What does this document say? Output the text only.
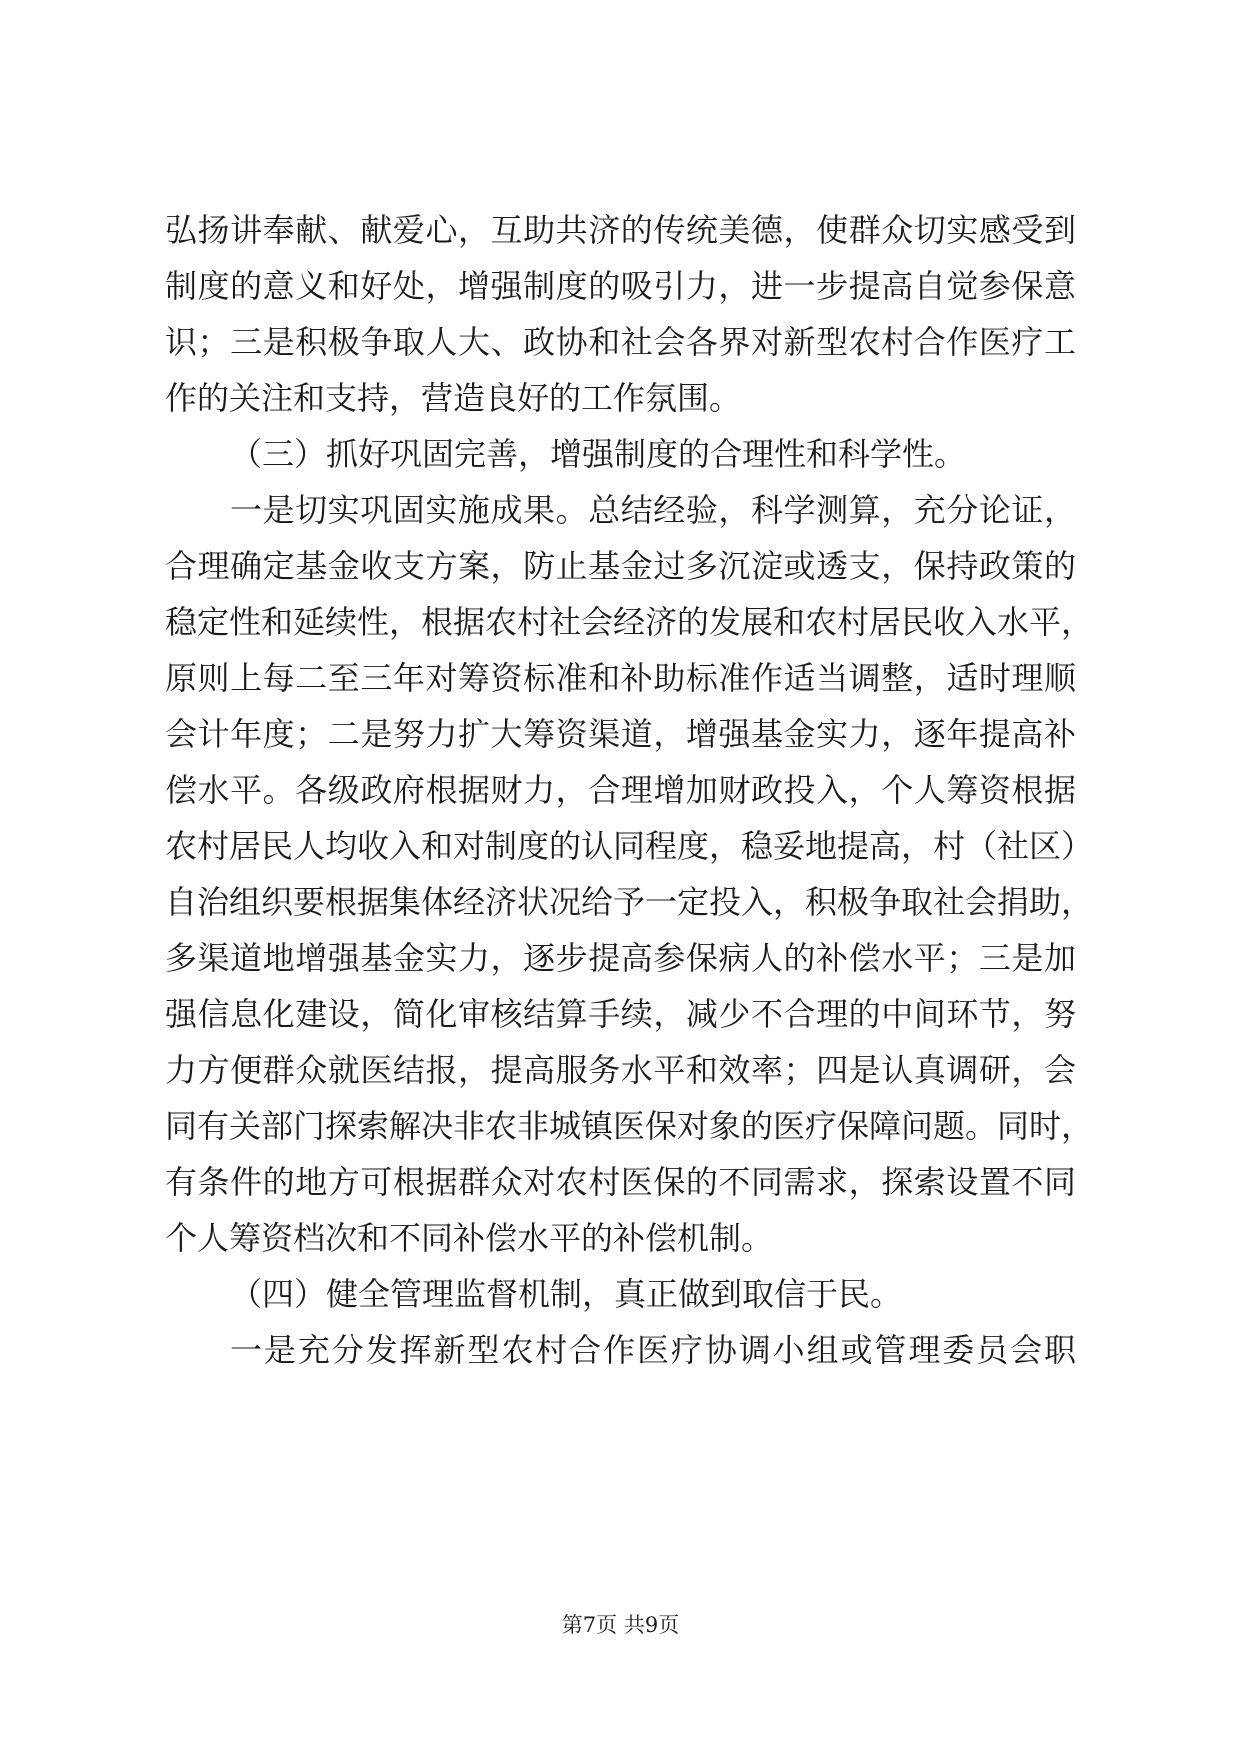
弘扬讲奉献、献爱心，互助共济的传统美德，使群众切实感受到
制度的意义和好处，增强制度的吸引力，进一步提高自觉参保意
识；三是积极争取人大、政协和社会各界对新型农村合作医疗工
作的关注和支持，营造良好的工作氛围。
（三）抓好巩固完善，增强制度的合理性和科学性。
一是切实巩固实施成果。总结经验，科学测算，充分论证，
合理确定基金收支方案，防止基金过多沉淀或透支，保持政策的
稳定性和延续性，根据农村社会经济的发展和农村居民收入水平，
原则上每二至三年对筹资标准和补助标准作适当调整，适时理顺
会计年度；二是努力扩大筹资渠道，增强基金实力，逐年提高补
偿水平。各级政府根据财力，合理增加财政投入，个人筹资根据
农村居民人均收入和对制度的认同程度，稳妥地提高，村（社区）
自治组织要根据集体经济状况给予一定投入，积极争取社会捐助，
多渠道地增强基金实力，逐步提高参保病人的补偿水平；三是加
强信息化建设，简化审核结算手续，减少不合理的中间环节，努
力方便群众就医结报，提高服务水平和效率；四是认真调研，会
同有关部门探索解决非农非城镇医保对象的医疗保障问题。同时，
有条件的地方可根据群众对农村医保的不同需求，探索设置不同
个人筹资档次和不同补偿水平的补偿机制。
（四）健全管理监督机制，真正做到取信于民。
一是充分发挥新型农村合作医疗协调小组或管理委员会职
第7页 共9页
